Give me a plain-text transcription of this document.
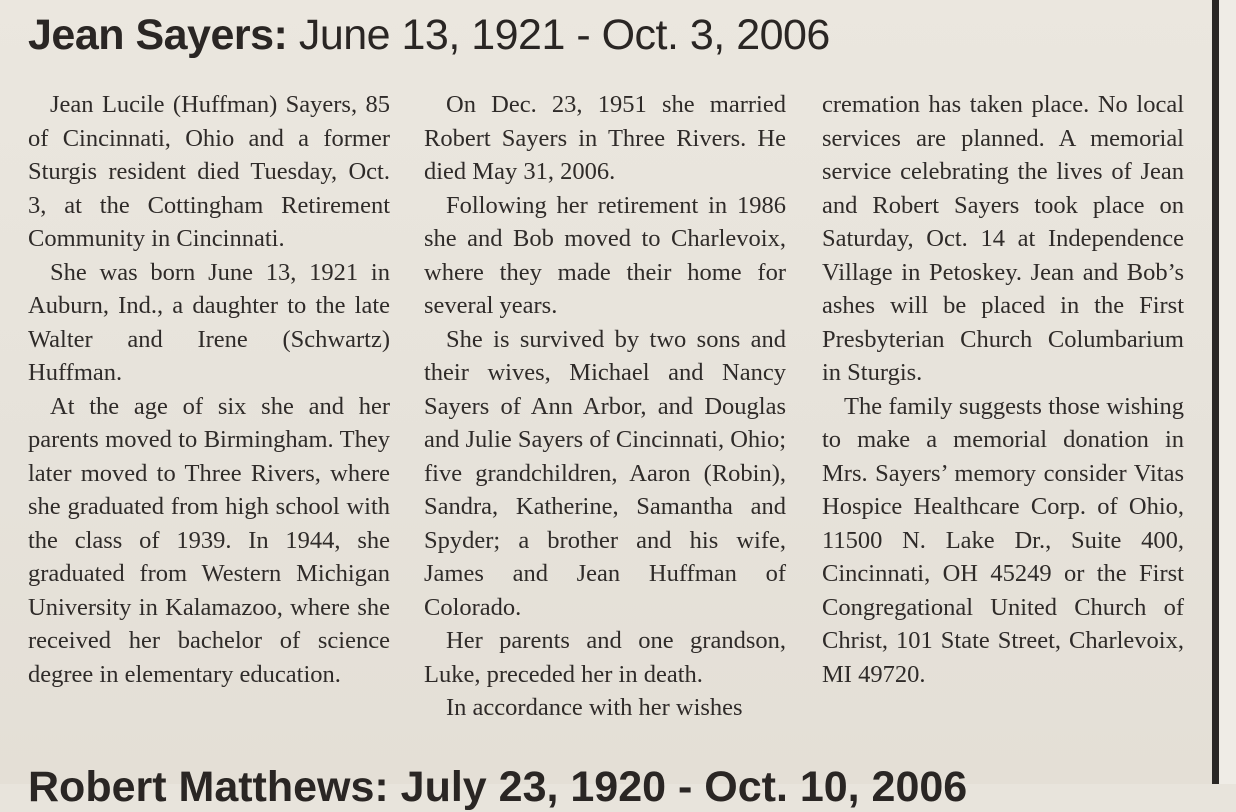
Jean Sayers: June 13, 1921 - Oct. 3, 2006

Jean Lucile (Huffman) Sayers, 85 of Cincinnati, Ohio and a former Sturgis resident died Tuesday, Oct. 3, at the Cottingham Retirement Community in Cincinnati.

She was born June 13, 1921 in Auburn, Ind., a daughter to the late Walter and Irene (Schwartz) Huffman.

At the age of six she and her parents moved to Birmingham. They later moved to Three Rivers, where she graduated from high school with the class of 1939. In 1944, she graduated from Western Michigan University in Kalamazoo, where she received her bachelor of science degree in elementary education.

On Dec. 23, 1951 she married Robert Sayers in Three Rivers. He died May 31, 2006.

Following her retirement in 1986 she and Bob moved to Charlevoix, where they made their home for several years.

She is survived by two sons and their wives, Michael and Nancy Sayers of Ann Arbor, and Douglas and Julie Sayers of Cincinnati, Ohio; five grandchildren, Aaron (Robin), Sandra, Katherine, Samantha and Spyder; a brother and his wife, James and Jean Huffman of Colorado.

Her parents and one grandson, Luke, preceded her in death.

In accordance with her wishes

cremation has taken place. No local services are planned. A memorial service celebrating the lives of Jean and Robert Sayers took place on Saturday, Oct. 14 at Independence Village in Petoskey. Jean and Bob’s ashes will be placed in the First Presbyterian Church Columbarium in Sturgis.

The family suggests those wishing to make a memorial donation in Mrs. Sayers’ memory consider Vitas Hospice Healthcare Corp. of Ohio, 11500 N. Lake Dr., Suite 400, Cincinnati, OH 45249 or the First Congregational United Church of Christ, 101 State Street, Charlevoix, MI 49720.

Robert Matthews: July 23, 1920 - Oct. 10, 2006
